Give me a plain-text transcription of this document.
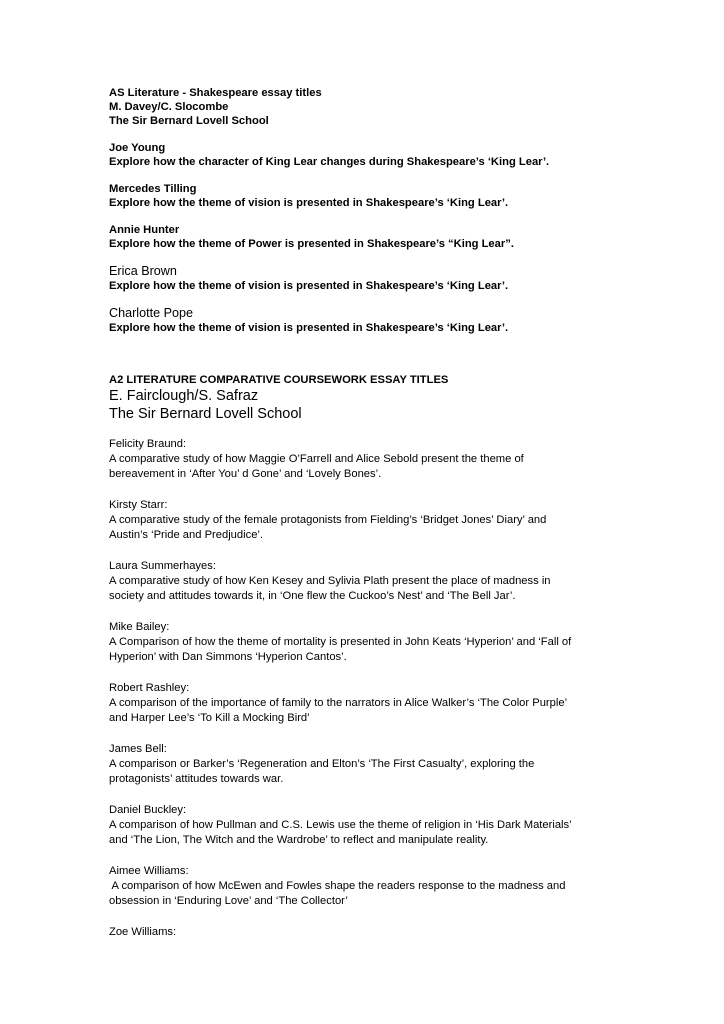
AS Literature - Shakespeare essay titles

M. Davey/C. Slocombe

The Sir Bernard Lovell School

Joe Young

Explore how the character of King Lear changes during Shakespeare’s ‘King Lear’.

Mercedes Tilling

Explore how the theme of vision is presented in Shakespeare’s ‘King Lear’.

Annie Hunter

Explore how the theme of Power is presented in Shakespeare’s “King Lear”.

Erica Brown

Explore how the theme of vision is presented in Shakespeare’s ‘King Lear’.

Charlotte Pope

Explore how the theme of vision is presented in Shakespeare’s ‘King Lear’.

A2 LITERATURE COMPARATIVE COURSEWORK ESSAY TITLES

E. Fairclough/S. Safraz

The Sir Bernard Lovell School

Felicity Braund:

A comparative study of how Maggie O’Farrell and Alice Sebold present the theme of

bereavement in ‘After You’ d Gone’ and ‘Lovely Bones’.

Kirsty Starr:

A comparative study of the female protagonists from Fielding’s ‘Bridget Jones’ Diary’ and

Austin’s ‘Pride and Predjudice’.

Laura Summerhayes:

A comparative study of how Ken Kesey and Sylivia Plath present the place of madness in

society and attitudes towards it, in ‘One flew the Cuckoo’s Nest’ and ‘The Bell Jar’.

Mike Bailey:

A Comparison of how the theme of mortality is presented in John Keats ‘Hyperion’ and ‘Fall of

Hyperion’ with Dan Simmons ‘Hyperion Cantos’.

Robert Rashley:

A comparison of the importance of family to the narrators in Alice Walker’s ‘The Color Purple’

and Harper Lee’s ‘To Kill a Mocking Bird’

James Bell:

A comparison or Barker’s ‘Regeneration and Elton’s ‘The First Casualty’, exploring the

protagonists’ attitudes towards war.

Daniel Buckley:

A comparison of how Pullman and C.S. Lewis use the theme of religion in ‘His Dark Materials’

and ‘The Lion, The Witch and the Wardrobe’ to reflect and manipulate reality.

Aimee Williams:

A comparison of how McEwen and Fowles shape the readers response to the madness and

obsession in ‘Enduring Love’ and ‘The Collector’

Zoe Williams:
